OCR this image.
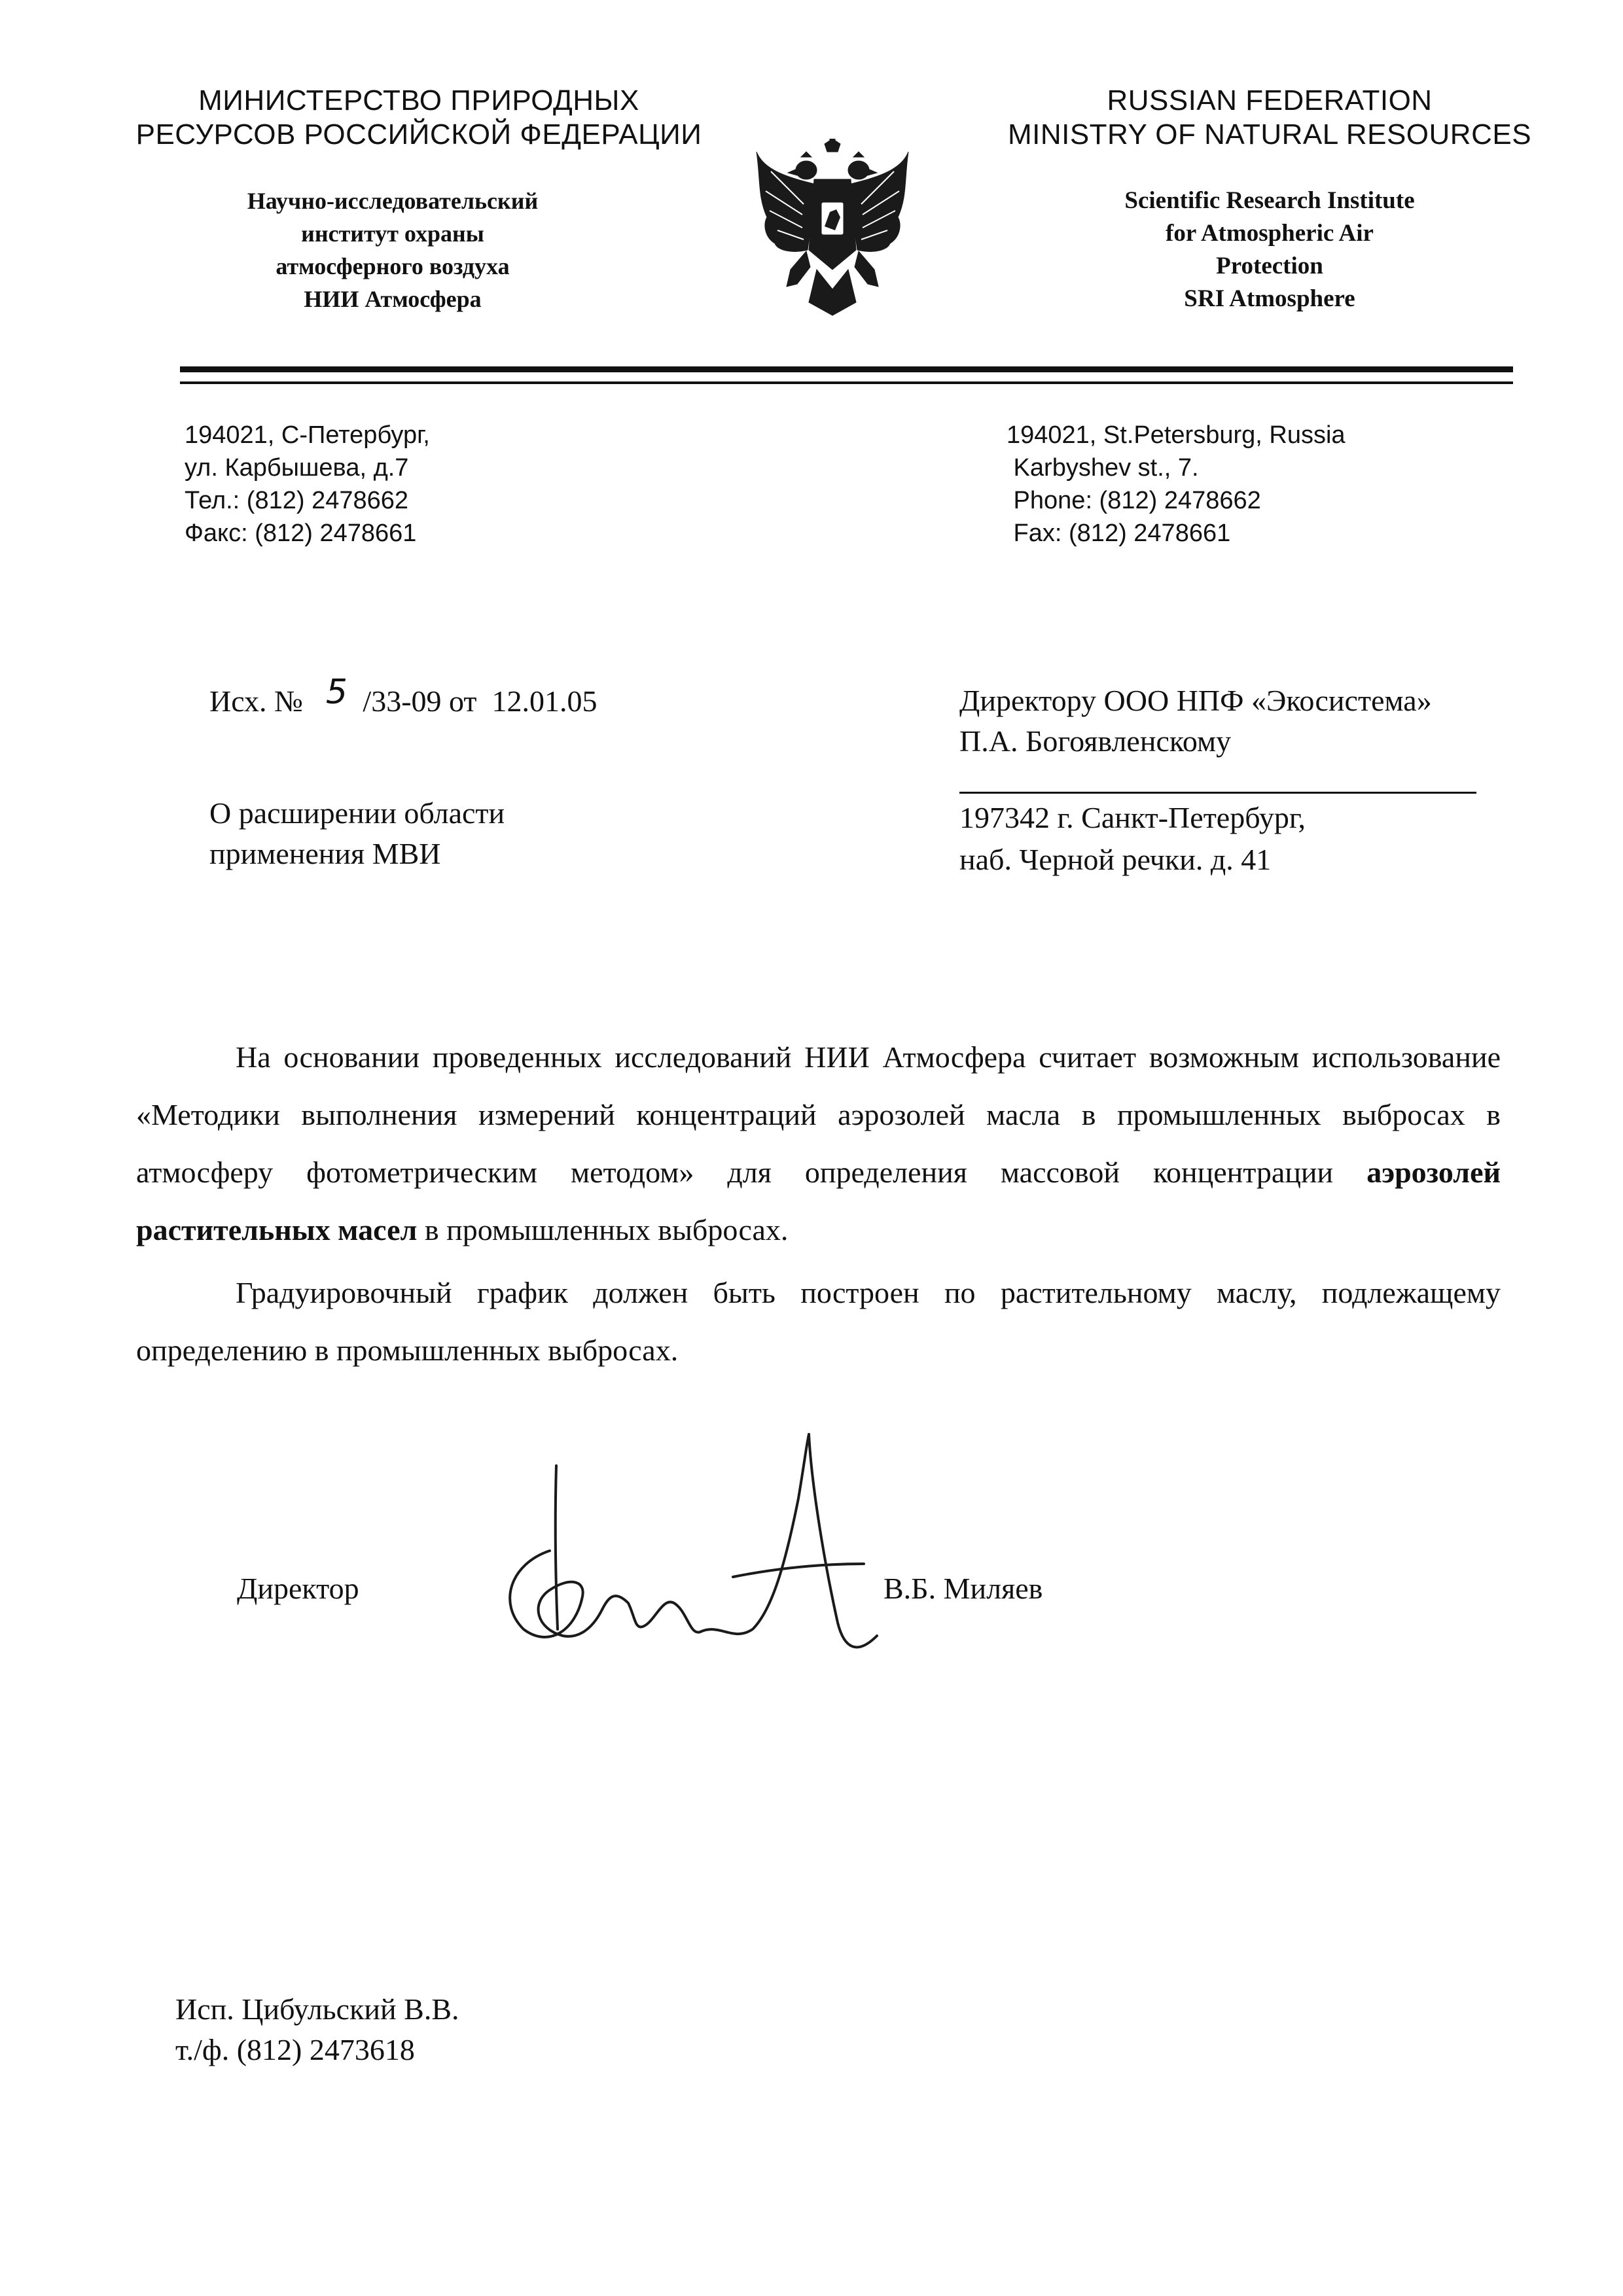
МИНИСТЕРСТВО ПРИРОДНЫХ
РЕСУРСОВ РОССИЙСКОЙ ФЕДЕРАЦИИ
Научно-исследовательский
институт охраны
атмосферного воздуха
НИИ Атмосфера
RUSSIAN FEDERATION
MINISTRY OF NATURAL RESOURCES
Scientific Research Institute
for Atmospheric Air
Protection
SRI Atmosphere
194021, С-Петербург,
ул. Карбышева, д.7
Тел.: (812) 2478662
Факс: (812) 2478661
194021, St.Petersburg, Russia
Karbyshev st., 7.
Phone: (812) 2478662
Fax: (812) 2478661
Исх. № 5 /33-09 от  12.01.05
О расширении области
применения МВИ
Директору ООО НПФ «Экосистема»
П.А. Богоявленскому
197342 г. Санкт-Петербург,
наб. Черной речки. д. 41

На основании проведенных исследований НИИ Атмосфера считает возможным использование «Методики выполнения измерений концентраций аэрозолей масла в промышленных выбросах в атмосферу фотометрическим методом» для определения массовой концентрации аэрозолей растительных масел в промышленных выбросах.

Градуировочный график должен быть построен по растительному маслу, подлежащему определению в промышленных выбросах.

Директор	В.Б. Миляев
Исп. Цибульский В.В.
т./ф. (812) 2473618
